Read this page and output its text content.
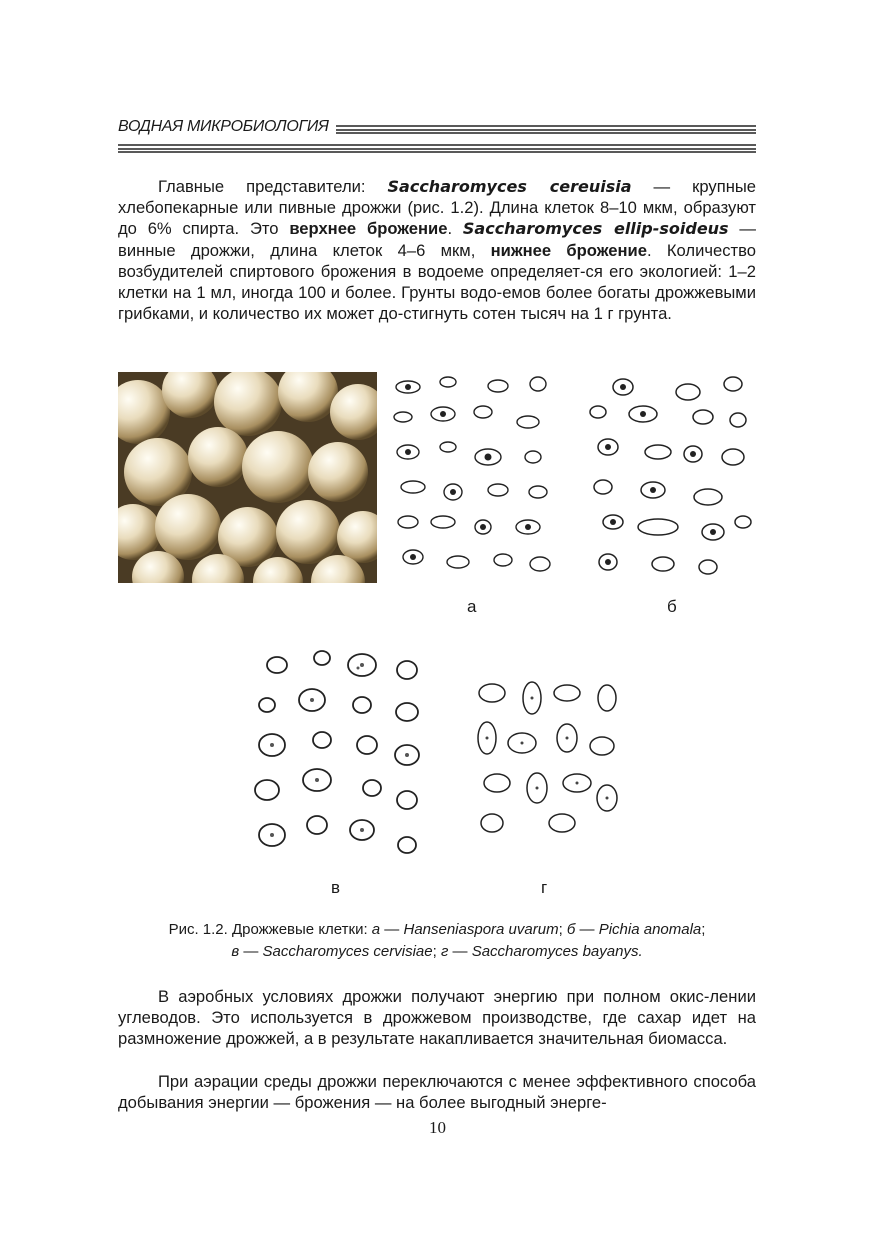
ВОДНАЯ МИКРОБИОЛОГИЯ

Главные представители: Saccharomyces cereuisia — крупные хлебопекарные или пивные дрожжи (рис. 1.2). Длина клеток 8–10 мкм, образуют до 6% спирта. Это верхнее брожение. Saccharomyces ellip-soideus — винные дрожжи, длина клеток 4–6 мкм, нижнее брожение. Количество возбудителей спиртового брожения в водоеме определяет-ся его экологией: 1–2 клетки на 1 мл, иногда 100 и более. Грунты водо-емов более богаты дрожжевыми грибками, и количество их может до-стигнуть сотен тысяч на 1 г грунта.

а	б
в	г
Рис. 1.2. Дрожжевые клетки: а — Hanseniaspora uvarum; б — Pichia anomala;
в — Saccharomyces cervisiae; г — Saccharomyces bayanys.

В аэробных условиях дрожжи получают энергию при полном окис-лении углеводов. Это используется в дрожжевом производстве, где сахар идет на размножение дрожжей, а в результате накапливается значительная биомасса.

При аэрации среды дрожжи переключаются с менее эффективного способа добывания энергии — брожения — на более выгодный энерге-

10
